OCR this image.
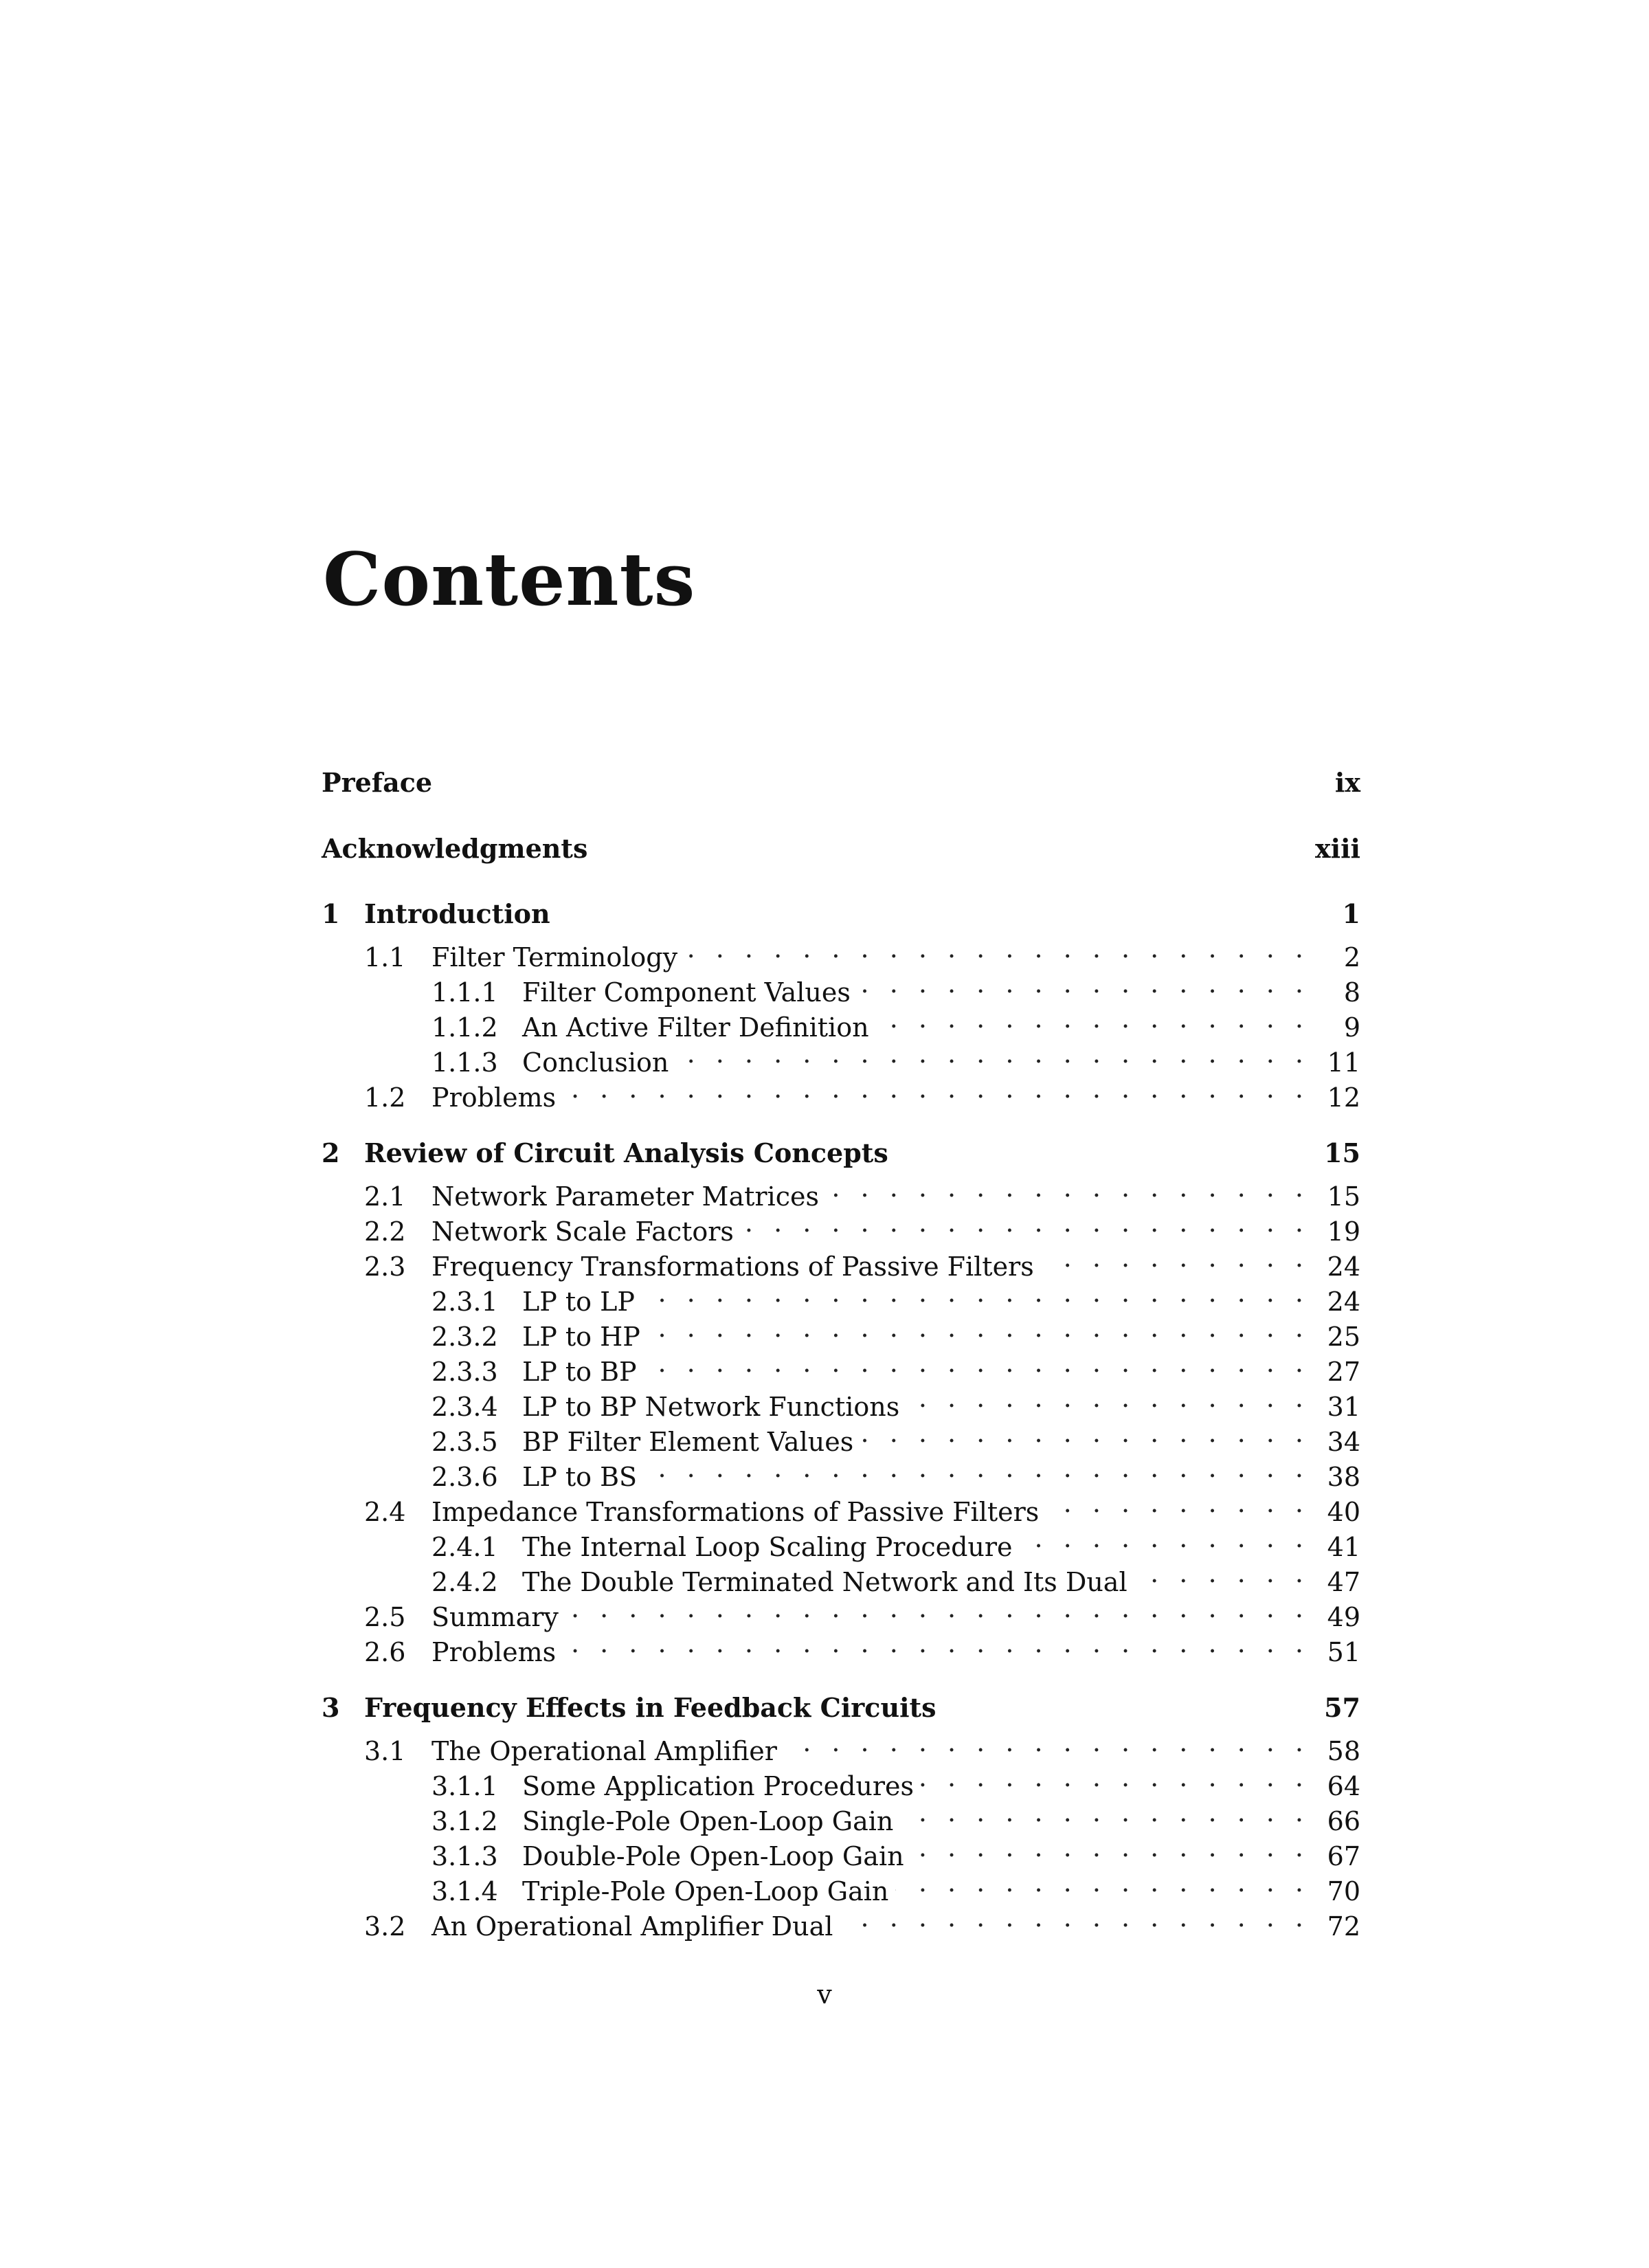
Contents
Preface	ix
Acknowledgments	xiii
1 Introduction	1
1.1 Filter Terminology . . .	2
1.1.1 Filter Component Values . . .	8
1.1.2 An Active Filter Definition . . .	9
1.1.3 Conclusion . . .	11
1.2 Problems . . .	12
2 Review of Circuit Analysis Concepts	15
2.1 Network Parameter Matrices . . .	15
2.2 Network Scale Factors . . .	19
2.3 Frequency Transformations of Passive Filters . . .	24
2.3.1 LP to LP . . .	24
2.3.2 LP to HP . . .	25
2.3.3 LP to BP . . .	27
2.3.4 LP to BP Network Functions . . .	31
2.3.5 BP Filter Element Values . . .	34
2.3.6 LP to BS . . .	38
2.4 Impedance Transformations of Passive Filters . . .	40
2.4.1 The Internal Loop Scaling Procedure . . .	41
2.4.2 The Double Terminated Network and Its Dual . . .	47
2.5 Summary . . .	49
2.6 Problems . . .	51
3 Frequency Effects in Feedback Circuits	57
3.1 The Operational Amplifier . . .	58
3.1.1 Some Application Procedures . . .	64
3.1.2 Single-Pole Open-Loop Gain . . .	66
3.1.3 Double-Pole Open-Loop Gain . . .	67
3.1.4 Triple-Pole Open-Loop Gain . . .	70
3.2 An Operational Amplifier Dual . . .	72
v
